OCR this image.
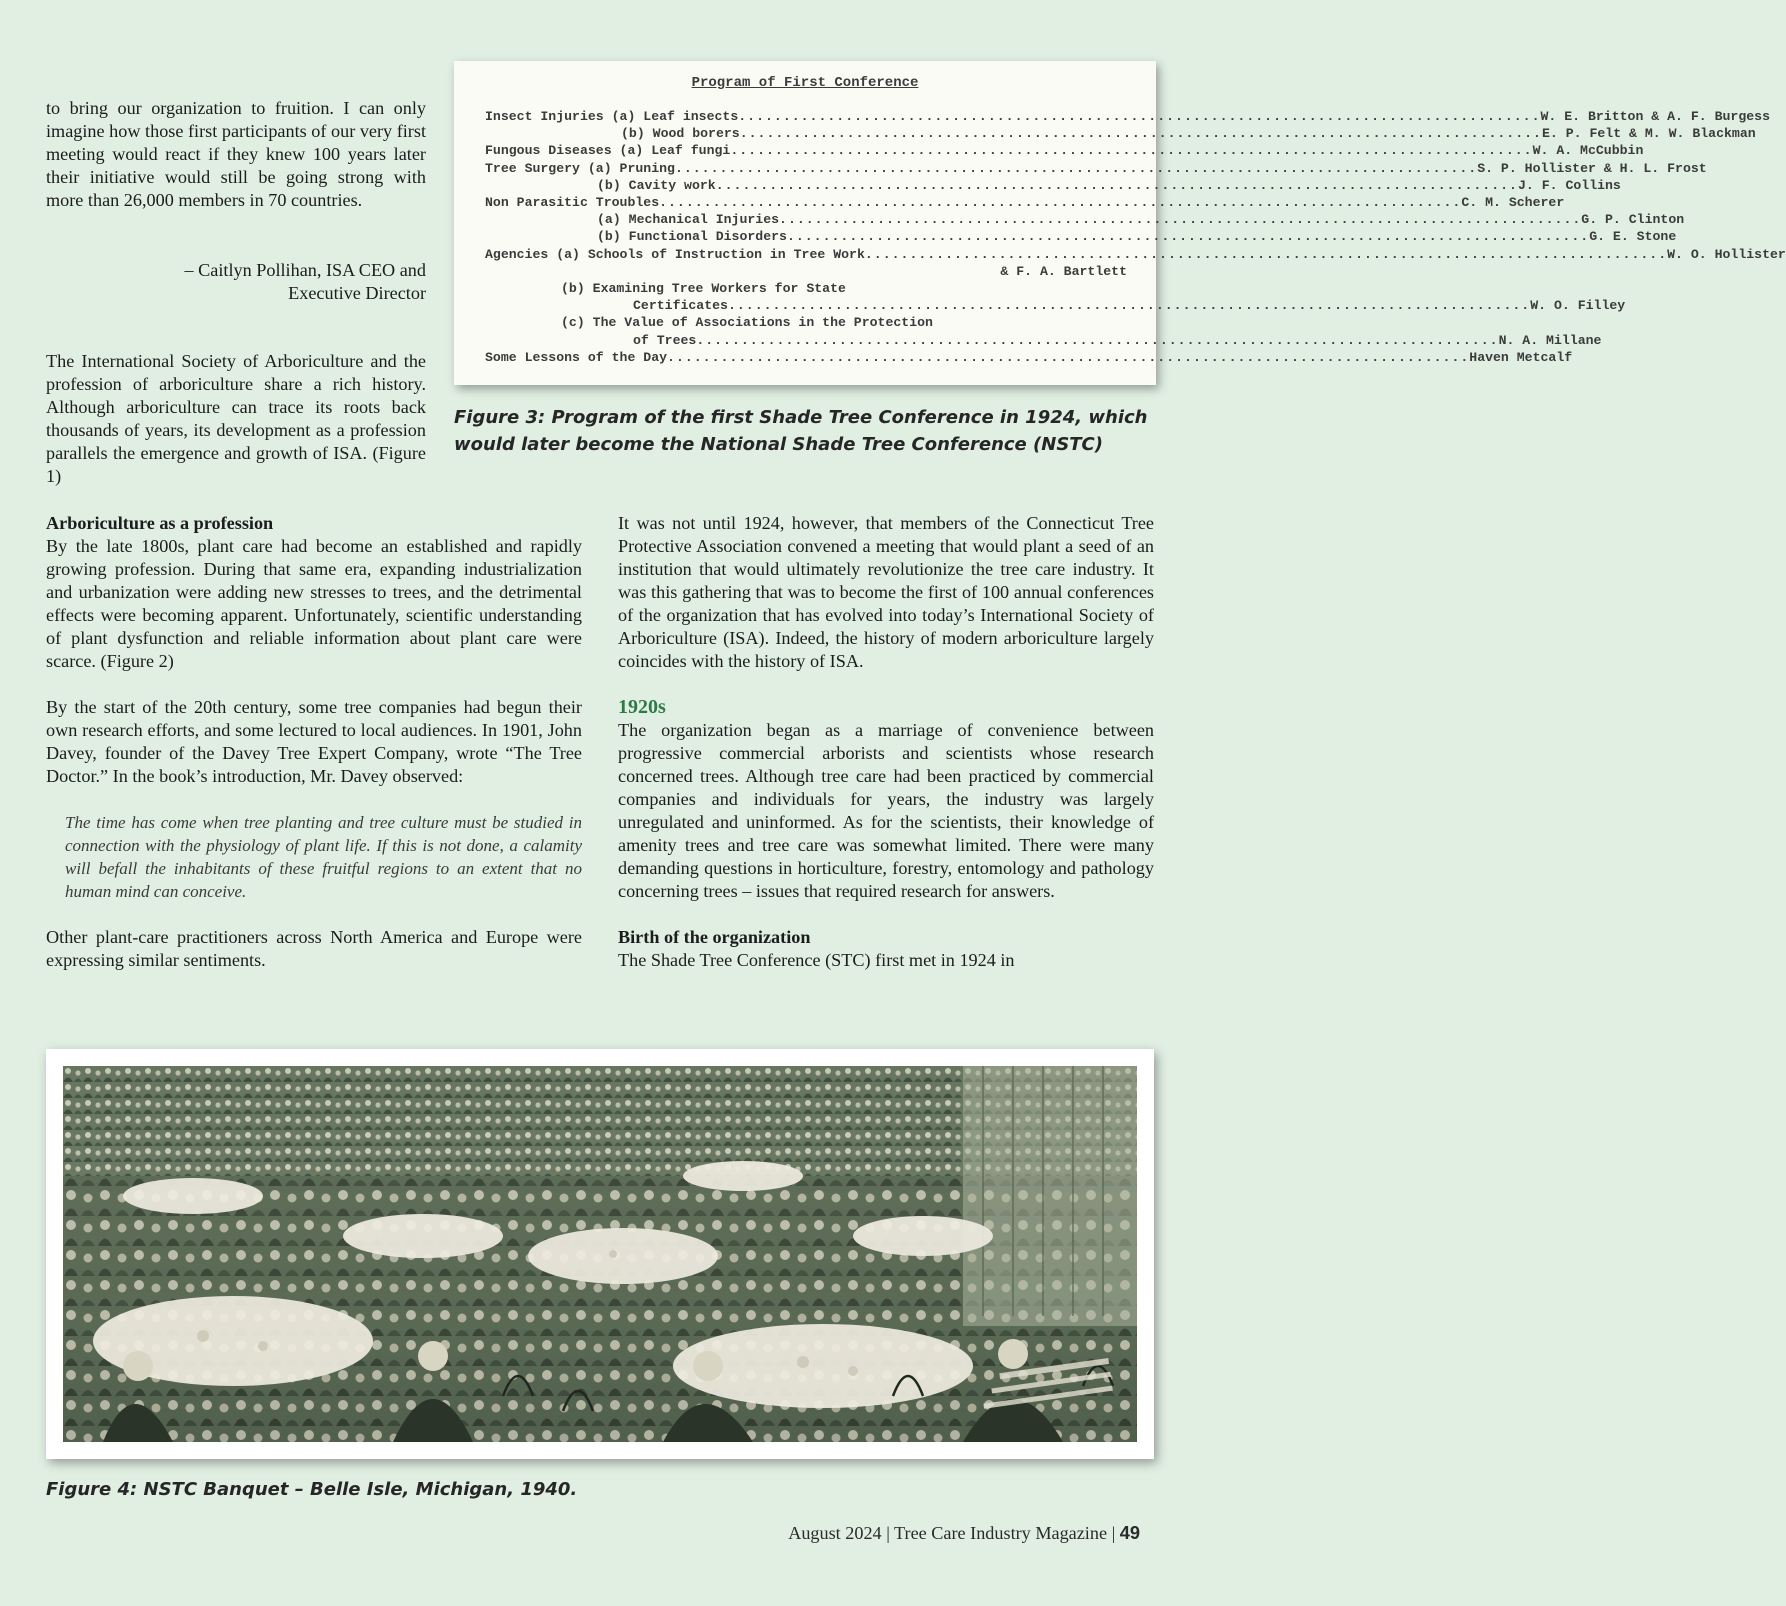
to bring our organization to fruition. I can only imagine how those first participants of our very first meeting would react if they knew 100 years later their initiative would still be going strong with more than 26,000 members in 70 countries.

– Caitlyn Pollihan, ISA CEO and
Executive Director

The International Society of Arboriculture and the profession of arboriculture share a rich history. Although arboriculture can trace its roots back thousands of years, its development as a profession parallels the emergence and growth of ISA. (Figure 1)

Program of First Conference
Insect Injuries (a) Leaf insects .......................................................................................... W. E. Britton & A. F. Burgess
(b) Wood borers .......................................................................................... E. P. Felt & M. W. Blackman
Fungous Diseases (a) Leaf fungi .......................................................................................... W. A. McCubbin
Tree Surgery (a) Pruning .......................................................................................... S. P. Hollister & H. L. Frost
(b) Cavity work .......................................................................................... J. F. Collins
Non Parasitic Troubles .......................................................................................... C. M. Scherer
(a) Mechanical Injuries .......................................................................................... G. P. Clinton
(b) Functional Disorders .......................................................................................... G. E. Stone
Agencies (a) Schools of Instruction in Tree Work .......................................................................................... W. O. Hollister
& F. A. Bartlett
(b) Examining Tree Workers for State
Certificates .......................................................................................... W. O. Filley
(c) The Value of Associations in the Protection
of Trees .......................................................................................... N. A. Millane
Some Lessons of the Day .......................................................................................... Haven Metcalf
Figure 3: Program of the first Shade Tree Conference in 1924, which would later become the National Shade Tree Conference (NSTC)
Arboriculture as a profession

By the late 1800s, plant care had become an established and rapidly growing profession. During that same era, expanding industrialization and urbanization were adding new stresses to trees, and the detrimental effects were becoming apparent. Unfortunately, scientific understanding of plant dysfunction and reliable information about plant care were scarce. (Figure 2)

By the start of the 20th century, some tree companies had begun their own research efforts, and some lectured to local audiences. In 1901, John Davey, founder of the Davey Tree Expert Company, wrote “The Tree Doctor.” In the book’s introduction, Mr. Davey observed:

The time has come when tree planting and tree culture must be studied in connection with the physiology of plant life. If this is not done, a calamity will befall the inhabitants of these fruitful regions to an extent that no human mind can conceive.

Other plant-care practitioners across North America and Europe were expressing similar sentiments.

It was not until 1924, however, that members of the Connecticut Tree Protective Association convened a meeting that would plant a seed of an institution that would ultimately revolutionize the tree care industry. It was this gathering that was to become the first of 100 annual conferences of the organization that has evolved into today’s International Society of Arboriculture (ISA). Indeed, the history of modern arboriculture largely coincides with the history of ISA.

1920s

The organization began as a marriage of convenience between progressive commercial arborists and scientists whose research concerned trees. Although tree care had been practiced by commercial companies and individuals for years, the industry was largely unregulated and uninformed. As for the scientists, their knowledge of amenity trees and tree care was somewhat limited. There were many demanding questions in horticulture, forestry, entomology and pathology concerning trees – issues that required research for answers.

Birth of the organization

The Shade Tree Conference (STC) first met in 1924 in

Figure 4: NSTC Banquet – Belle Isle, Michigan, 1940.
August 2024 | Tree Care Industry Magazine | 49
